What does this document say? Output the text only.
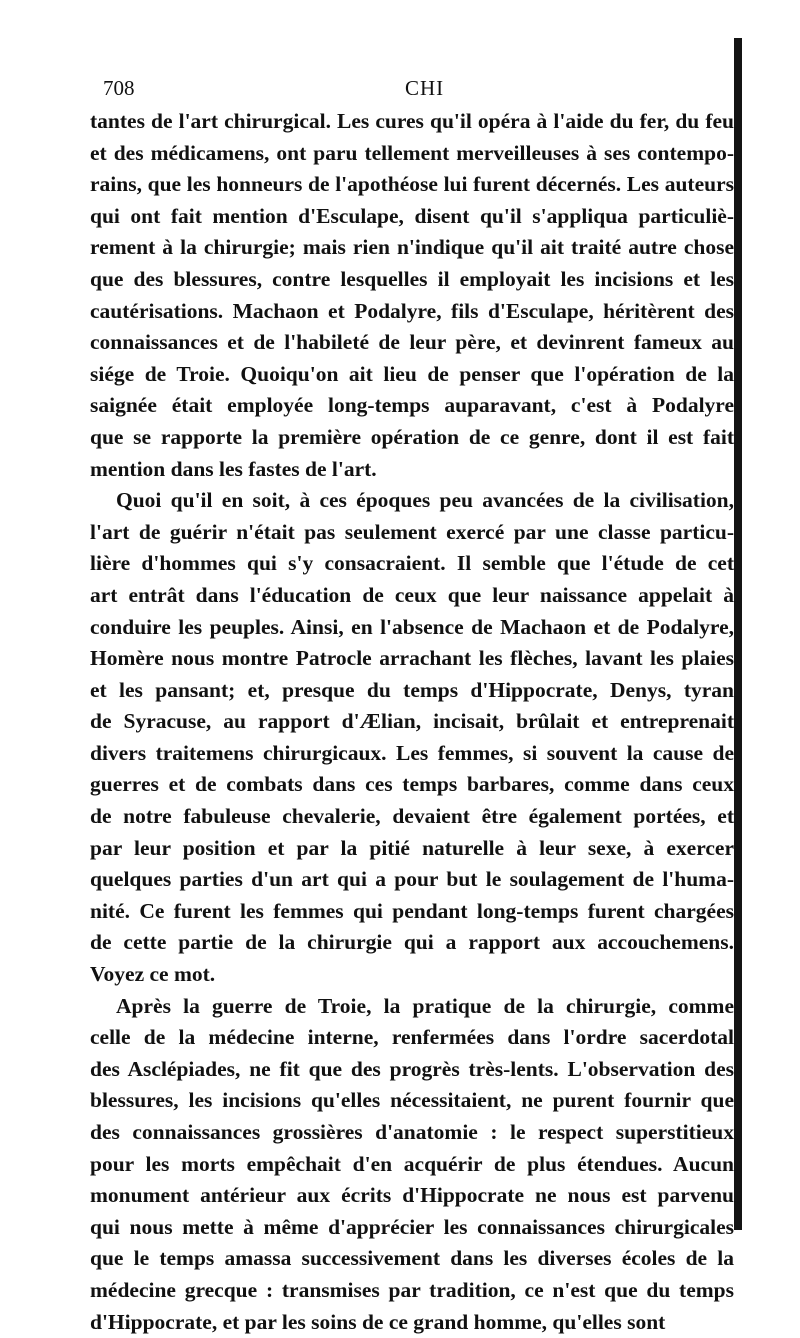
708	CHI
tantes de l'art chirurgical. Les cures qu'il opéra à l'aide du fer, du feu
et des médicamens, ont paru tellement merveilleuses à ses contempo-
rains, que les honneurs de l'apothéose lui furent décernés. Les auteurs
qui ont fait mention d'Esculape, disent qu'il s'appliqua particuliè-
rement à la chirurgie; mais rien n'indique qu'il ait traité autre chose
que des blessures, contre lesquelles il employait les incisions et les
cautérisations. Machaon et Podalyre, fils d'Esculape, héritèrent des
connaissances et de l'habileté de leur père, et devinrent fameux au
siége de Troie. Quoiqu'on ait lieu de penser que l'opération de la
saignée était employée long-temps auparavant, c'est à Podalyre
que se rapporte la première opération de ce genre, dont il est fait
mention dans les fastes de l'art.
Quoi qu'il en soit, à ces époques peu avancées de la civilisation,
l'art de guérir n'était pas seulement exercé par une classe particu-
lière d'hommes qui s'y consacraient. Il semble que l'étude de cet
art entrât dans l'éducation de ceux que leur naissance appelait à
conduire les peuples. Ainsi, en l'absence de Machaon et de Podalyre,
Homère nous montre Patrocle arrachant les flèches, lavant les plaies
et les pansant; et, presque du temps d'Hippocrate, Denys, tyran
de Syracuse, au rapport d'Ælian, incisait, brûlait et entreprenait
divers traitemens chirurgicaux. Les femmes, si souvent la cause de
guerres et de combats dans ces temps barbares, comme dans ceux
de notre fabuleuse chevalerie, devaient être également portées, et
par leur position et par la pitié naturelle à leur sexe, à exercer
quelques parties d'un art qui a pour but le soulagement de l'huma-
nité. Ce furent les femmes qui pendant long-temps furent chargées
de cette partie de la chirurgie qui a rapport aux accouchemens.
Voyez ce mot.
Après la guerre de Troie, la pratique de la chirurgie, comme
celle de la médecine interne, renfermées dans l'ordre sacerdotal
des Asclépiades, ne fit que des progrès très-lents. L'observation des
blessures, les incisions qu'elles nécessitaient, ne purent fournir que
des connaissances grossières d'anatomie : le respect superstitieux
pour les morts empêchait d'en acquérir de plus étendues. Aucun
monument antérieur aux écrits d'Hippocrate ne nous est parvenu
qui nous mette à même d'apprécier les connaissances chirurgicales
que le temps amassa successivement dans les diverses écoles de la
médecine grecque : transmises par tradition, ce n'est que du temps
d'Hippocrate, et par les soins de ce grand homme, qu'elles sont
